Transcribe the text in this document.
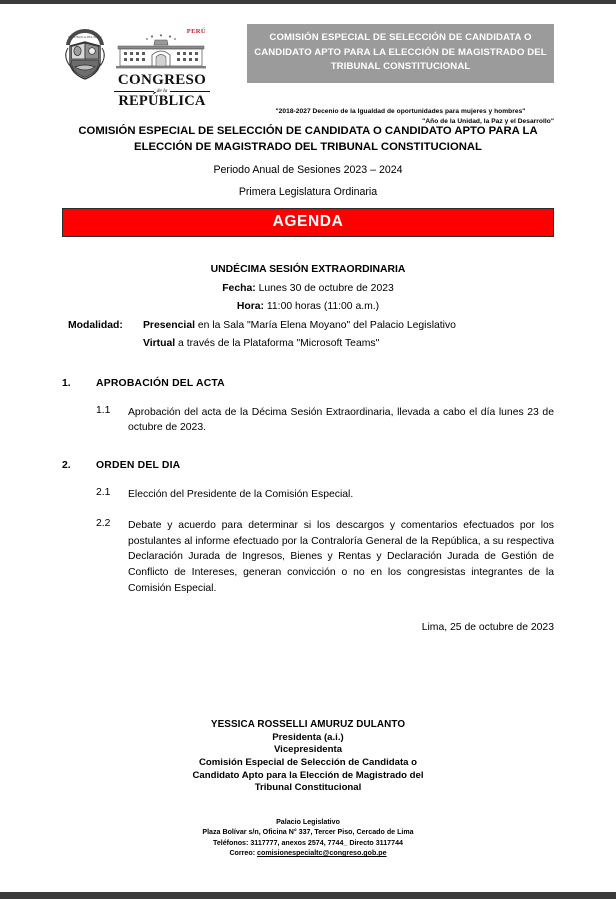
REPUBLICA DEL PERU
PERÚ
CONGRESO
de la
REPÚBLICA
COMISIÓN ESPECIAL DE SELECCIÓN DE CANDIDATA O CANDIDATO APTO PARA LA ELECCIÓN DE MAGISTRADO DEL TRIBUNAL CONSTITUCIONAL
"2018-2027 Decenio de la Igualdad de oportunidades para mujeres y hombres"
"Año de la Unidad, la Paz y el Desarrollo"
COMISIÓN ESPECIAL DE SELECCIÓN DE CANDIDATA O CANDIDATO APTO PARA LA ELECCIÓN DE MAGISTRADO DEL TRIBUNAL CONSTITUCIONAL
Periodo Anual de Sesiones 2023 – 2024
Primera Legislatura Ordinaria
AGENDA
UNDÉCIMA SESIÓN EXTRAORDINARIA
Fecha: Lunes 30 de octubre de 2023
Hora: 11:00 horas (11:00 a.m.)
Modalidad: Presencial en la Sala "María Elena Moyano" del Palacio Legislativo
Virtual a través de la Plataforma "Microsoft Teams"
1. APROBACIÓN DEL ACTA
1.1 Aprobación del acta de la Décima Sesión Extraordinaria, llevada a cabo el día lunes 23 de octubre de 2023.
2. ORDEN DEL DIA
2.1 Elección del Presidente de la Comisión Especial.
2.2 Debate y acuerdo para determinar si los descargos y comentarios efectuados por los postulantes al informe efectuado por la Contraloría General de la República, a su respectiva Declaración Jurada de Ingresos, Bienes y Rentas y Declaración Jurada de Gestión de Conflicto de Intereses, generan convicción o no en los congresistas integrantes de la Comisión Especial.
Lima, 25 de octubre de 2023
YESSICA ROSSELLI AMURUZ DULANTO
Presidenta (a.i.)
Vicepresidenta
Comisión Especial de Selección de Candidata o
Candidato Apto para la Elección de Magistrado del
Tribunal Constitucional
Palacio Legislativo
Plaza Bolívar s/n, Oficina N° 337, Tercer Piso, Cercado de Lima
Teléfonos: 3117777, anexos 2574, 7744_ Directo 3117744
Correo: comisionespecialtc@congreso.gob.pe
